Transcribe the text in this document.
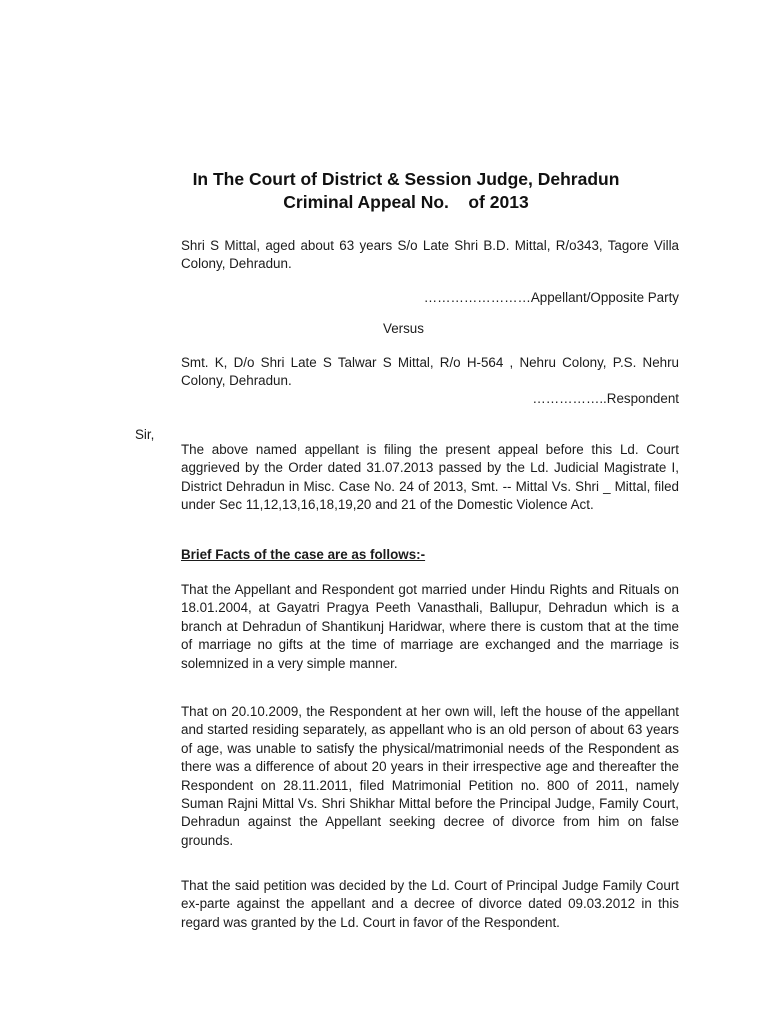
In The Court of District & Session Judge, Dehradun
Criminal Appeal No.    of 2013
Shri S Mittal, aged about 63 years S/o Late Shri B.D. Mittal, R/o343, Tagore Villa Colony, Dehradun.
……………………Appellant/Opposite Party
Versus
Smt. K, D/o Shri Late S Talwar S Mittal, R/o H-564 , Nehru Colony, P.S. Nehru Colony, Dehradun.
……………..Respondent
Sir,
The above named appellant is filing the present appeal before this Ld. Court aggrieved by the Order dated 31.07.2013 passed by the Ld. Judicial Magistrate I, District Dehradun in Misc. Case No. 24 of 2013, Smt. -- Mittal Vs. Shri _ Mittal, filed under Sec 11,12,13,16,18,19,20 and 21 of the Domestic Violence Act.
Brief Facts of the case are as follows:-
That the Appellant and Respondent got married under Hindu Rights and Rituals on 18.01.2004, at Gayatri Pragya Peeth Vanasthali, Ballupur, Dehradun which is a branch at Dehradun of Shantikunj Haridwar, where there is custom that at the time of marriage no gifts at the time of marriage are exchanged and the marriage is solemnized in a very simple manner.
That on 20.10.2009, the Respondent at her own will, left the house of the appellant and started residing separately, as appellant who is an old person of about 63 years of age, was unable to satisfy the physical/matrimonial needs of the Respondent as there was a difference of about 20 years in their irrespective age and thereafter the Respondent on 28.11.2011, filed Matrimonial Petition no. 800 of 2011, namely Suman Rajni Mittal Vs. Shri Shikhar Mittal before the Principal Judge, Family Court, Dehradun against the Appellant seeking decree of divorce from him on false grounds.
That the said petition was decided by the Ld. Court of Principal Judge Family Court ex-parte against the appellant and a decree of divorce dated 09.03.2012 in this regard was granted by the Ld. Court in favor of the Respondent.
